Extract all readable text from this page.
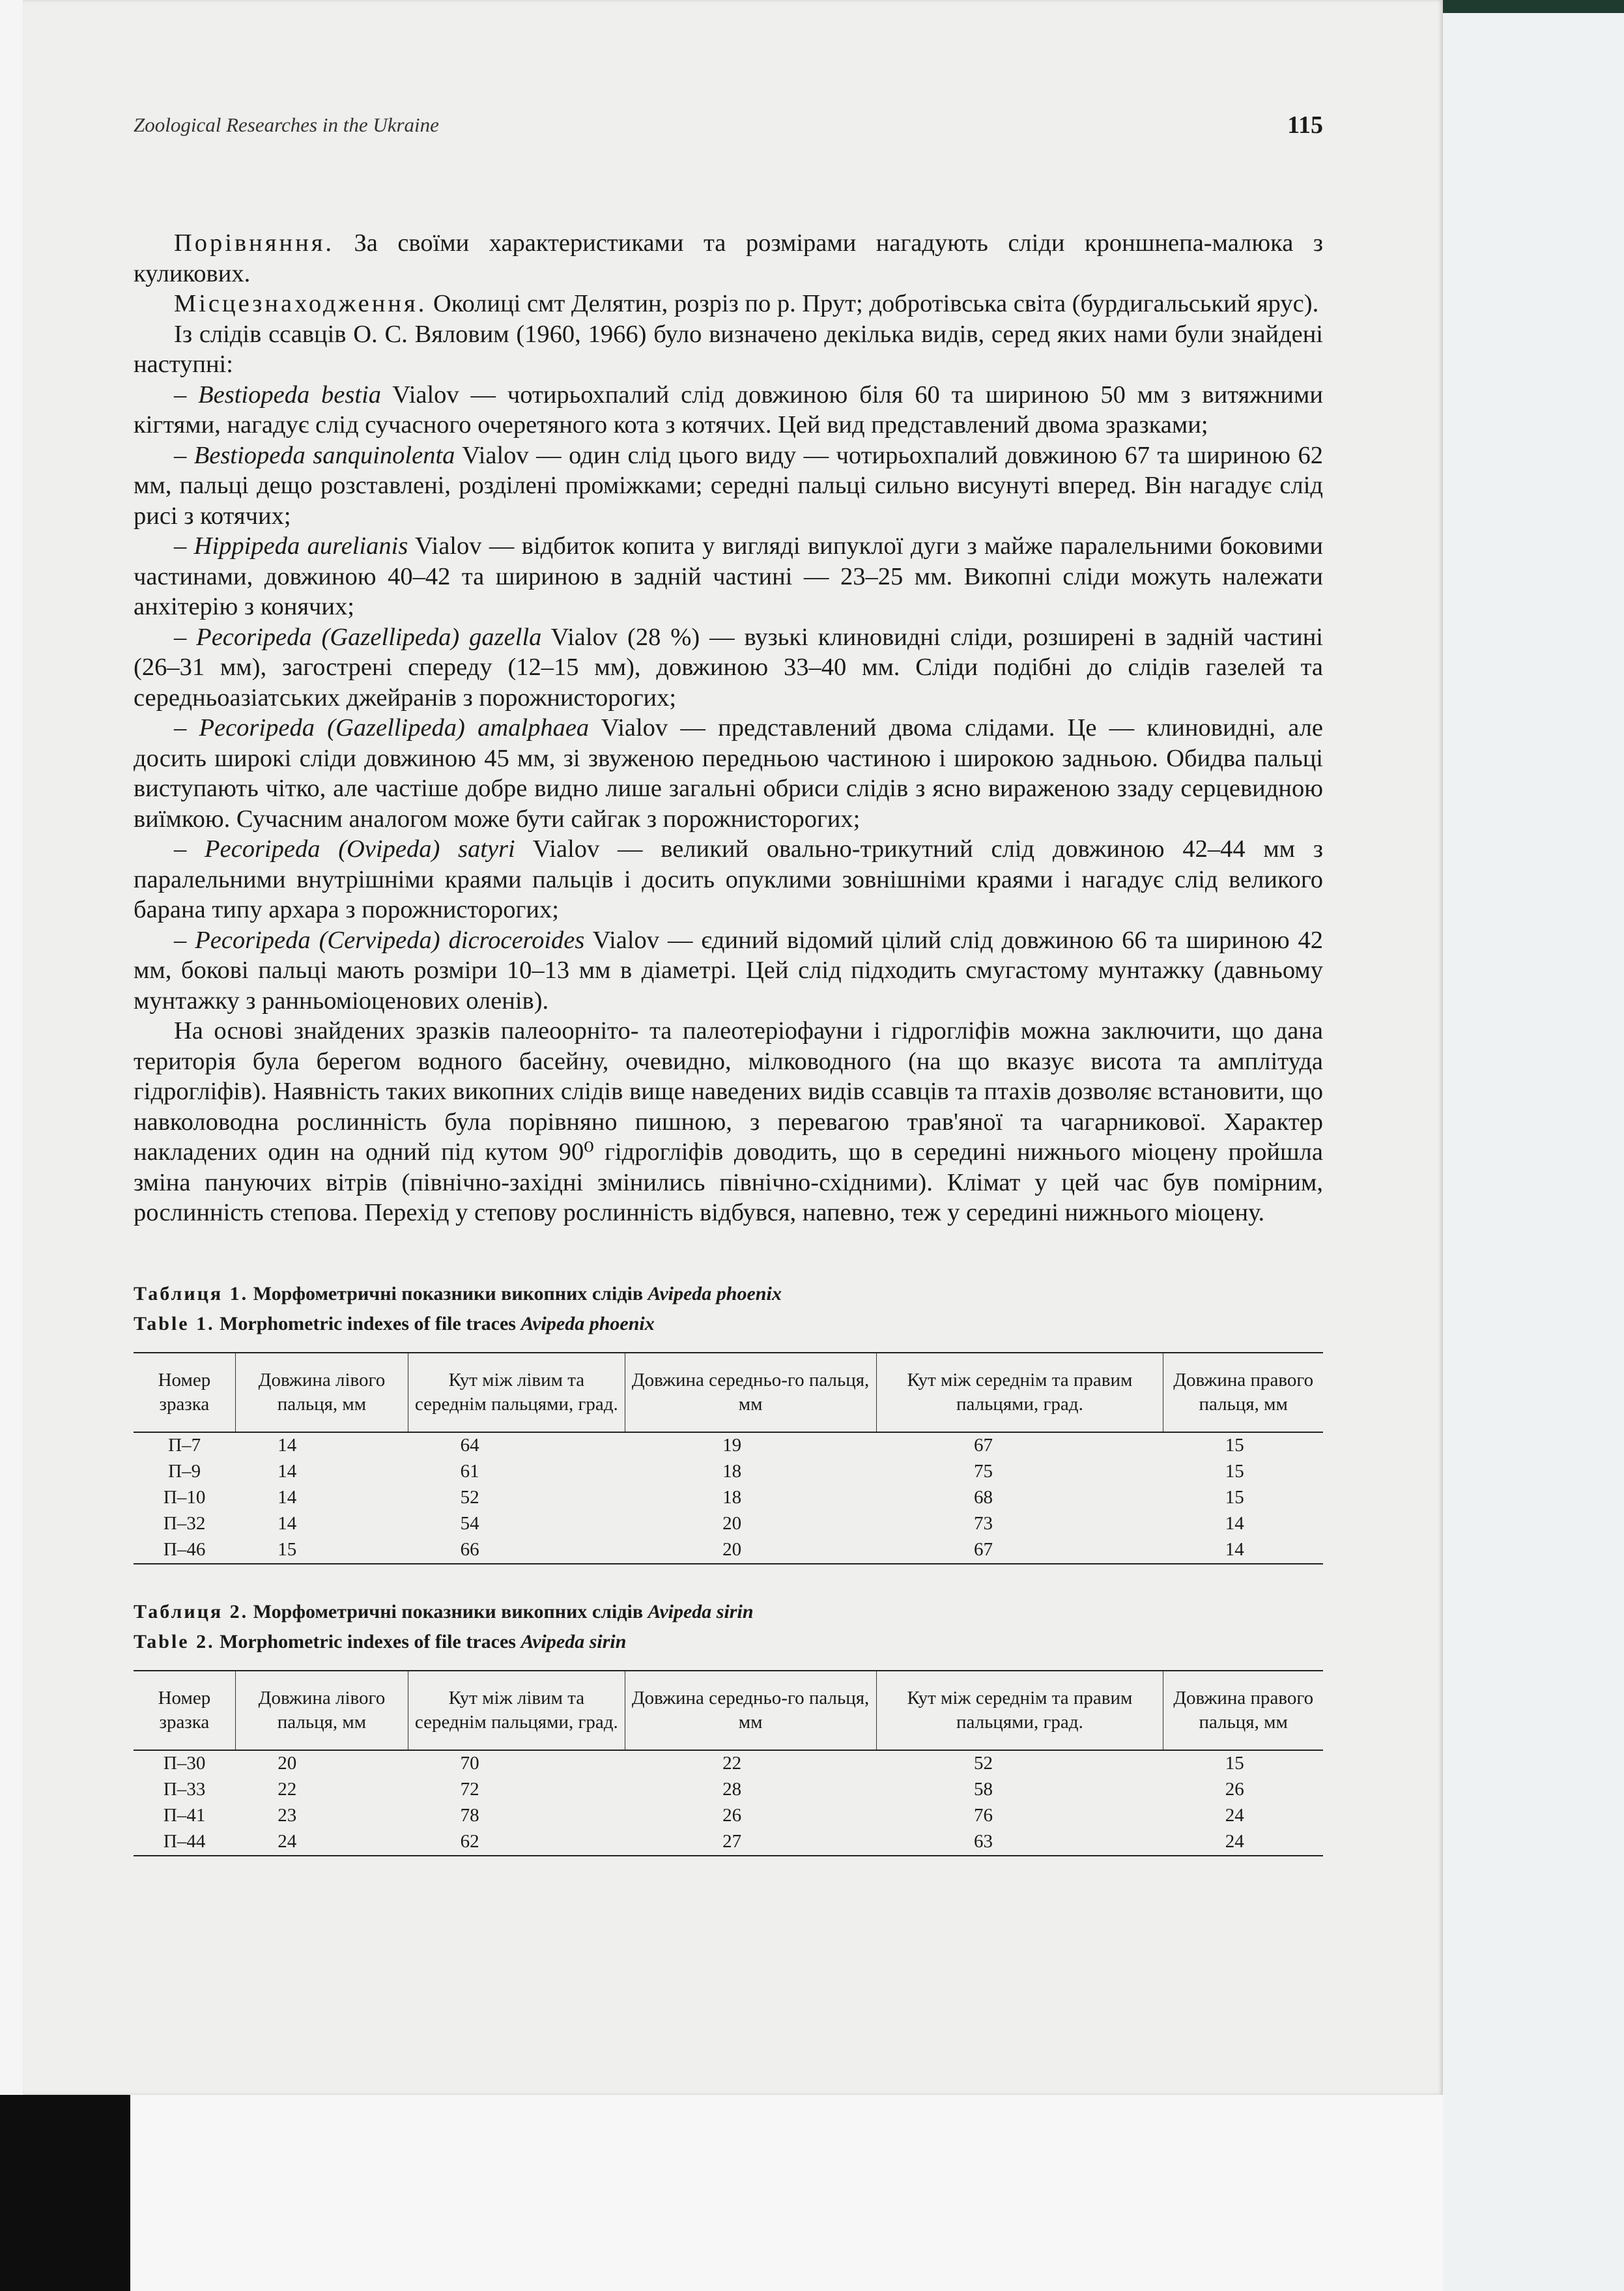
Zoological Researches in the Ukraine	115

Порівняння. За своїми характеристиками та розмірами нагадують сліди кроншнепа-малюка з куликових.

Місцезнаходження. Околиці смт Делятин, розріз по р. Прут; добротівська світа (бурдигальський ярус).

Із слідів ссавців О. С. Вяловим (1960, 1966) було визначено декілька видів, серед яких нами були знайдені наступні:

– Bestiopeda bestia Vialov — чотирьохпалий слід довжиною біля 60 та шириною 50 мм з витяжними кігтями, нагадує слід сучасного очеретяного кота з котячих. Цей вид представлений двома зразками;

– Bestiopeda sanquinolenta Vialov — один слід цього виду — чотирьохпалий довжиною 67 та шириною 62 мм, пальці дещо розставлені, розділені проміжками; середні пальці сильно висунуті вперед. Він нагадує слід рисі з котячих;

– Hippipeda aurelianis Vialov — відбиток копита у вигляді випуклої дуги з майже паралельними боковими частинами, довжиною 40–42 та шириною в задній частині — 23–25 мм. Викопні сліди можуть належати анхітерію з конячих;

– Pecoripeda (Gazellipeda) gazella Vialov (28 %) — вузькі клиновидні сліди, розширені в задній частині (26–31 мм), загострені спереду (12–15 мм), довжиною 33–40 мм. Сліди подібні до слідів газелей та середньоазіатських джейранів з порожнисторогих;

– Pecoripeda (Gazellipeda) amalphaea Vialov — представлений двома слідами. Це — клиновидні, але досить широкі сліди довжиною 45 мм, зі звуженою передньою частиною і широкою задньою. Обидва пальці виступають чітко, але частіше добре видно лише загальні обриси слідів з ясно вираженою ззаду серцевидною виїмкою. Сучасним аналогом може бути сайгак з порожнисторогих;

– Pecoripeda (Ovipeda) satyri Vialov — великий овально-трикутний слід довжиною 42–44 мм з паралельними внутрішніми краями пальців і досить опуклими зовнішніми краями і нагадує слід великого барана типу архара з порожнисторогих;

– Pecoripeda (Cervipeda) dicroceroides Vialov — єдиний відомий цілий слід довжиною 66 та шириною 42 мм, бокові пальці мають розміри 10–13 мм в діаметрі. Цей слід підходить смугастому мунтажку (давньому мунтажку з ранньоміоценових оленів).

На основі знайдених зразків палеоорніто- та палеотеріофауни і гідрогліфів можна заключити, що дана територія була берегом водного басейну, очевидно, мілководного (на що вказує висота та амплітуда гідрогліфів). Наявність таких викопних слідів вище наведених видів ссавців та птахів дозволяє встановити, що навколоводна рослинність була порівняно пишною, з перевагою трав'яної та чагарникової. Характер накладених один на одний під кутом 90⁰ гідрогліфів доводить, що в середині нижнього міоцену пройшла зміна пануючих вітрів (північно-західні змінились північно-східними). Клімат у цей час був помірним, рослинність степова. Перехід у степову рослинність відбувся, напевно, теж у середині нижнього міоцену.

Таблиця 1. Морфометричні показники викопних слідів Avipeda phoenix

Table 1. Morphometric indexes of file traces Avipeda phoenix

Номер зразка	Довжина лівого пальця, мм	Кут між лівим та середнім пальцями, град.	Довжина середньо-го пальця, мм	Кут між середнім та правим пальцями, град.	Довжина правого пальця, мм
П–7	14	64	19	67	15
П–9	14	61	18	75	15
П–10	14	52	18	68	15
П–32	14	54	20	73	14
П–46	15	66	20	67	14

Таблиця 2. Морфометричні показники викопних слідів Avipeda sirin

Table 2. Morphometric indexes of file traces Avipeda sirin

Номер зразка	Довжина лівого пальця, мм	Кут між лівим та середнім пальцями, град.	Довжина середньо-го пальця, мм	Кут між середнім та правим пальцями, град.	Довжина правого пальця, мм
П–30	20	70	22	52	15
П–33	22	72	28	58	26
П–41	23	78	26	76	24
П–44	24	62	27	63	24
